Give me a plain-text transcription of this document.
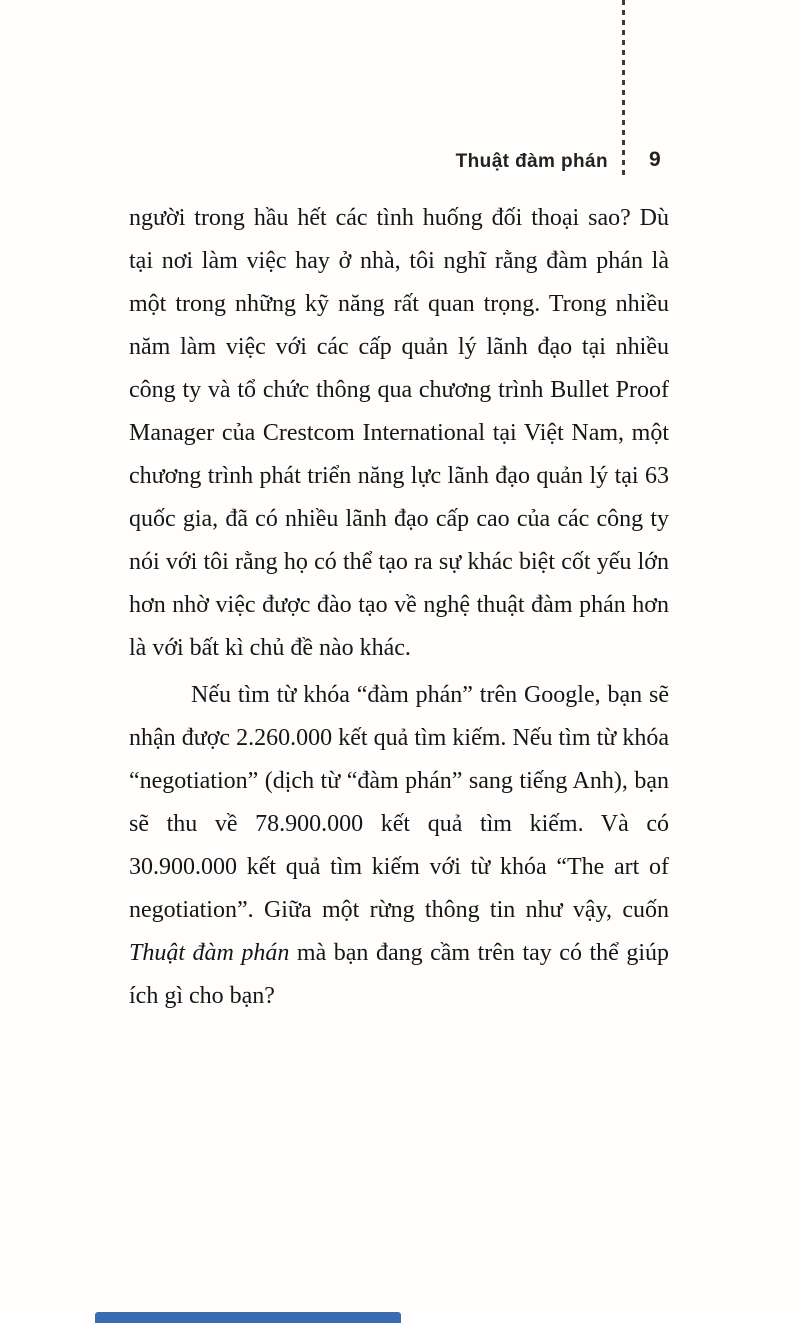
Thuật đàm phán 9

người trong hầu hết các tình huống đối thoại sao? Dù tại nơi làm việc hay ở nhà, tôi nghĩ rằng đàm phán là một trong những kỹ năng rất quan trọng. Trong nhiều năm làm việc với các cấp quản lý lãnh đạo tại nhiều công ty và tổ chức thông qua chương trình Bullet Proof Manager của Crestcom International tại Việt Nam, một chương trình phát triển năng lực lãnh đạo quản lý tại 63 quốc gia, đã có nhiều lãnh đạo cấp cao của các công ty nói với tôi rằng họ có thể tạo ra sự khác biệt cốt yếu lớn hơn nhờ việc được đào tạo về nghệ thuật đàm phán hơn là với bất kì chủ đề nào khác.

Nếu tìm từ khóa “đàm phán” trên Google, bạn sẽ nhận được 2.260.000 kết quả tìm kiếm. Nếu tìm từ khóa “negotiation” (dịch từ “đàm phán” sang tiếng Anh), bạn sẽ thu về 78.900.000 kết quả tìm kiếm. Và có 30.900.000 kết quả tìm kiếm với từ khóa “The art of negotiation”. Giữa một rừng thông tin như vậy, cuốn Thuật đàm phán mà bạn đang cầm trên tay có thể giúp ích gì cho bạn?
